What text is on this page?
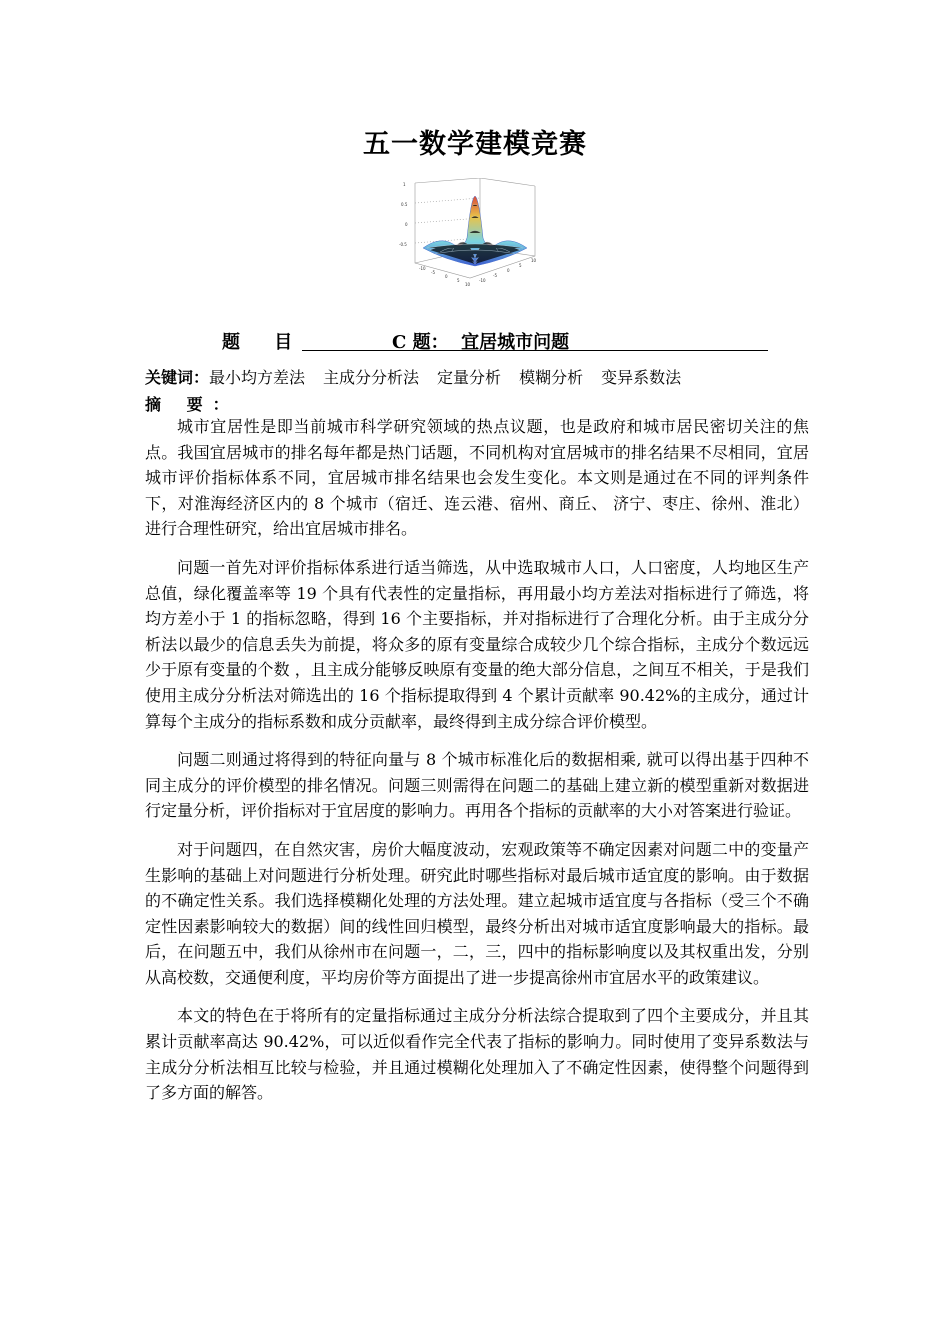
五一数学建模竞赛
1
0.5
0
-0.5
-10
-5
0
5
10
-10
-5
0
5
10
题 目	C 题：  宜居城市问题
关键词：最小均方差法 主成分分析法 定量分析 模糊分析 变异系数法
摘 要：

城市宜居性是即当前城市科学研究领域的热点议题，也是政府和城市居民密切关注的焦点。我国宜居城市的排名每年都是热门话题，不同机构对宜居城市的排名结果不尽相同，宜居城市评价指标体系不同，宜居城市排名结果也会发生变化。本文则是通过在不同的评判条件下，对淮海经济区内的 8 个城市（宿迁、连云港、宿州、商丘、 济宁、枣庄、徐州、淮北）进行合理性研究，给出宜居城市排名。

问题一首先对评价指标体系进行适当筛选，从中选取城市人口，人口密度，人均地区生产总值，绿化覆盖率等 19 个具有代表性的定量指标，再用最小均方差法对指标进行了筛选，将均方差小于 1 的指标忽略，得到 16 个主要指标，并对指标进行了合理化分析。由于主成分分析法以最少的信息丢失为前提，将众多的原有变量综合成较少几个综合指标，主成分个数远远少于原有变量的个数 ，且主成分能够反映原有变量的绝大部分信息，之间互不相关，于是我们使用主成分分析法对筛选出的 16 个指标提取得到 4 个累计贡献率 90.42%的主成分，通过计算每个主成分的指标系数和成分贡献率，最终得到主成分综合评价模型。

问题二则通过将得到的特征向量与 8 个城市标准化后的数据相乘, 就可以得出基于四种不同主成分的评价模型的排名情况。问题三则需得在问题二的基础上建立新的模型重新对数据进行定量分析，评价指标对于宜居度的影响力。再用各个指标的贡献率的大小对答案进行验证。

对于问题四，在自然灾害，房价大幅度波动，宏观政策等不确定因素对问题二中的变量产生影响的基础上对问题进行分析处理。研究此时哪些指标对最后城市适宜度的影响。由于数据的不确定性关系。我们选择模糊化处理的方法处理。建立起城市适宜度与各指标（受三个不确定性因素影响较大的数据）间的线性回归模型，最终分析出对城市适宜度影响最大的指标。最后，在问题五中，我们从徐州市在问题一，二，三，四中的指标影响度以及其权重出发，分别从高校数，交通便利度，平均房价等方面提出了进一步提高徐州市宜居水平的政策建议。

本文的特色在于将所有的定量指标通过主成分分析法综合提取到了四个主要成分，并且其累计贡献率高达 90.42%，可以近似看作完全代表了指标的影响力。同时使用了变异系数法与主成分分析法相互比较与检验，并且通过模糊化处理加入了不确定性因素，使得整个问题得到了多方面的解答。
